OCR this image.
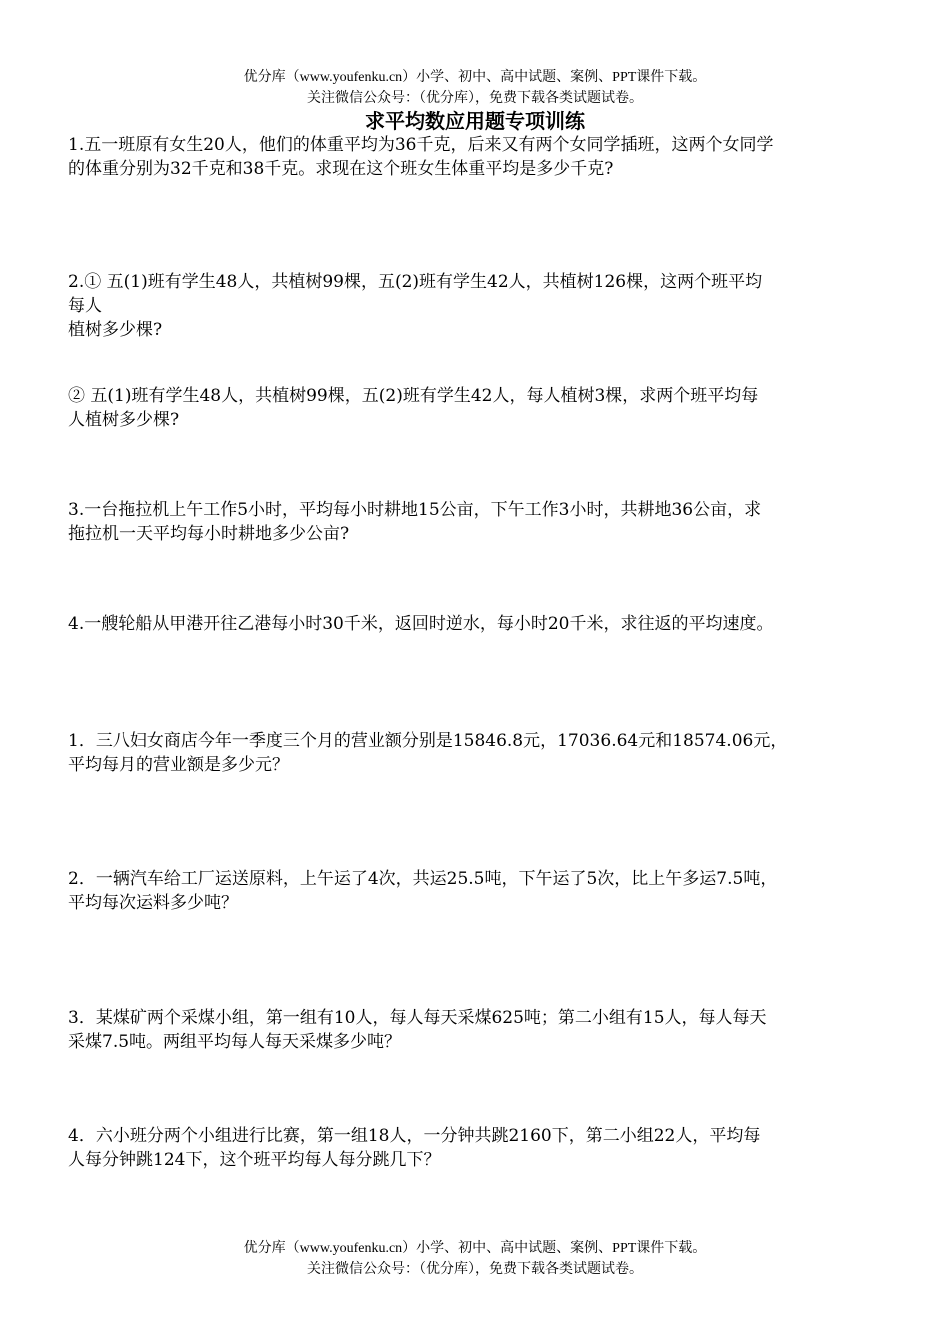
优分库（www.youfenku.cn）小学、初中、高中试题、案例、PPT课件下载。
关注微信公众号：（优分库），免费下载各类试题试卷。
求平均数应用题专项训练

1.五一班原有女生20人，他们的体重平均为36千克，后来又有两个女同学插班，这两个女同学

的体重分别为32千克和38千克。求现在这个班女生体重平均是多少千克?

2.① 五(1)班有学生48人，共植树99棵，五(2)班有学生42人，共植树126棵，这两个班平均

每人

植树多少棵?

② 五(1)班有学生48人，共植树99棵，五(2)班有学生42人，每人植树3棵，求两个班平均每

人植树多少棵?

3.一台拖拉机上午工作5小时，平均每小时耕地15公亩，下午工作3小时，共耕地36公亩，求

拖拉机一天平均每小时耕地多少公亩?

4.一艘轮船从甲港开往乙港每小时30千米，返回时逆水，每小时20千米，求往返的平均速度。

1．三八妇女商店今年一季度三个月的营业额分别是15846.8元，17036.64元和18574.06元，

平均每月的营业额是多少元？

2．一辆汽车给工厂运送原料，上午运了4次，共运25.5吨，下午运了5次，比上午多运7.5吨，

平均每次运料多少吨？

3．某煤矿两个采煤小组，第一组有10人，每人每天采煤625吨；第二小组有15人，每人每天

采煤7.5吨。两组平均每人每天采煤多少吨？

4．六小班分两个小组进行比赛，第一组18人，一分钟共跳2160下，第二小组22人，平均每

人每分钟跳124下，这个班平均每人每分跳几下？

优分库（www.youfenku.cn）小学、初中、高中试题、案例、PPT课件下载。
关注微信公众号：（优分库），免费下载各类试题试卷。
